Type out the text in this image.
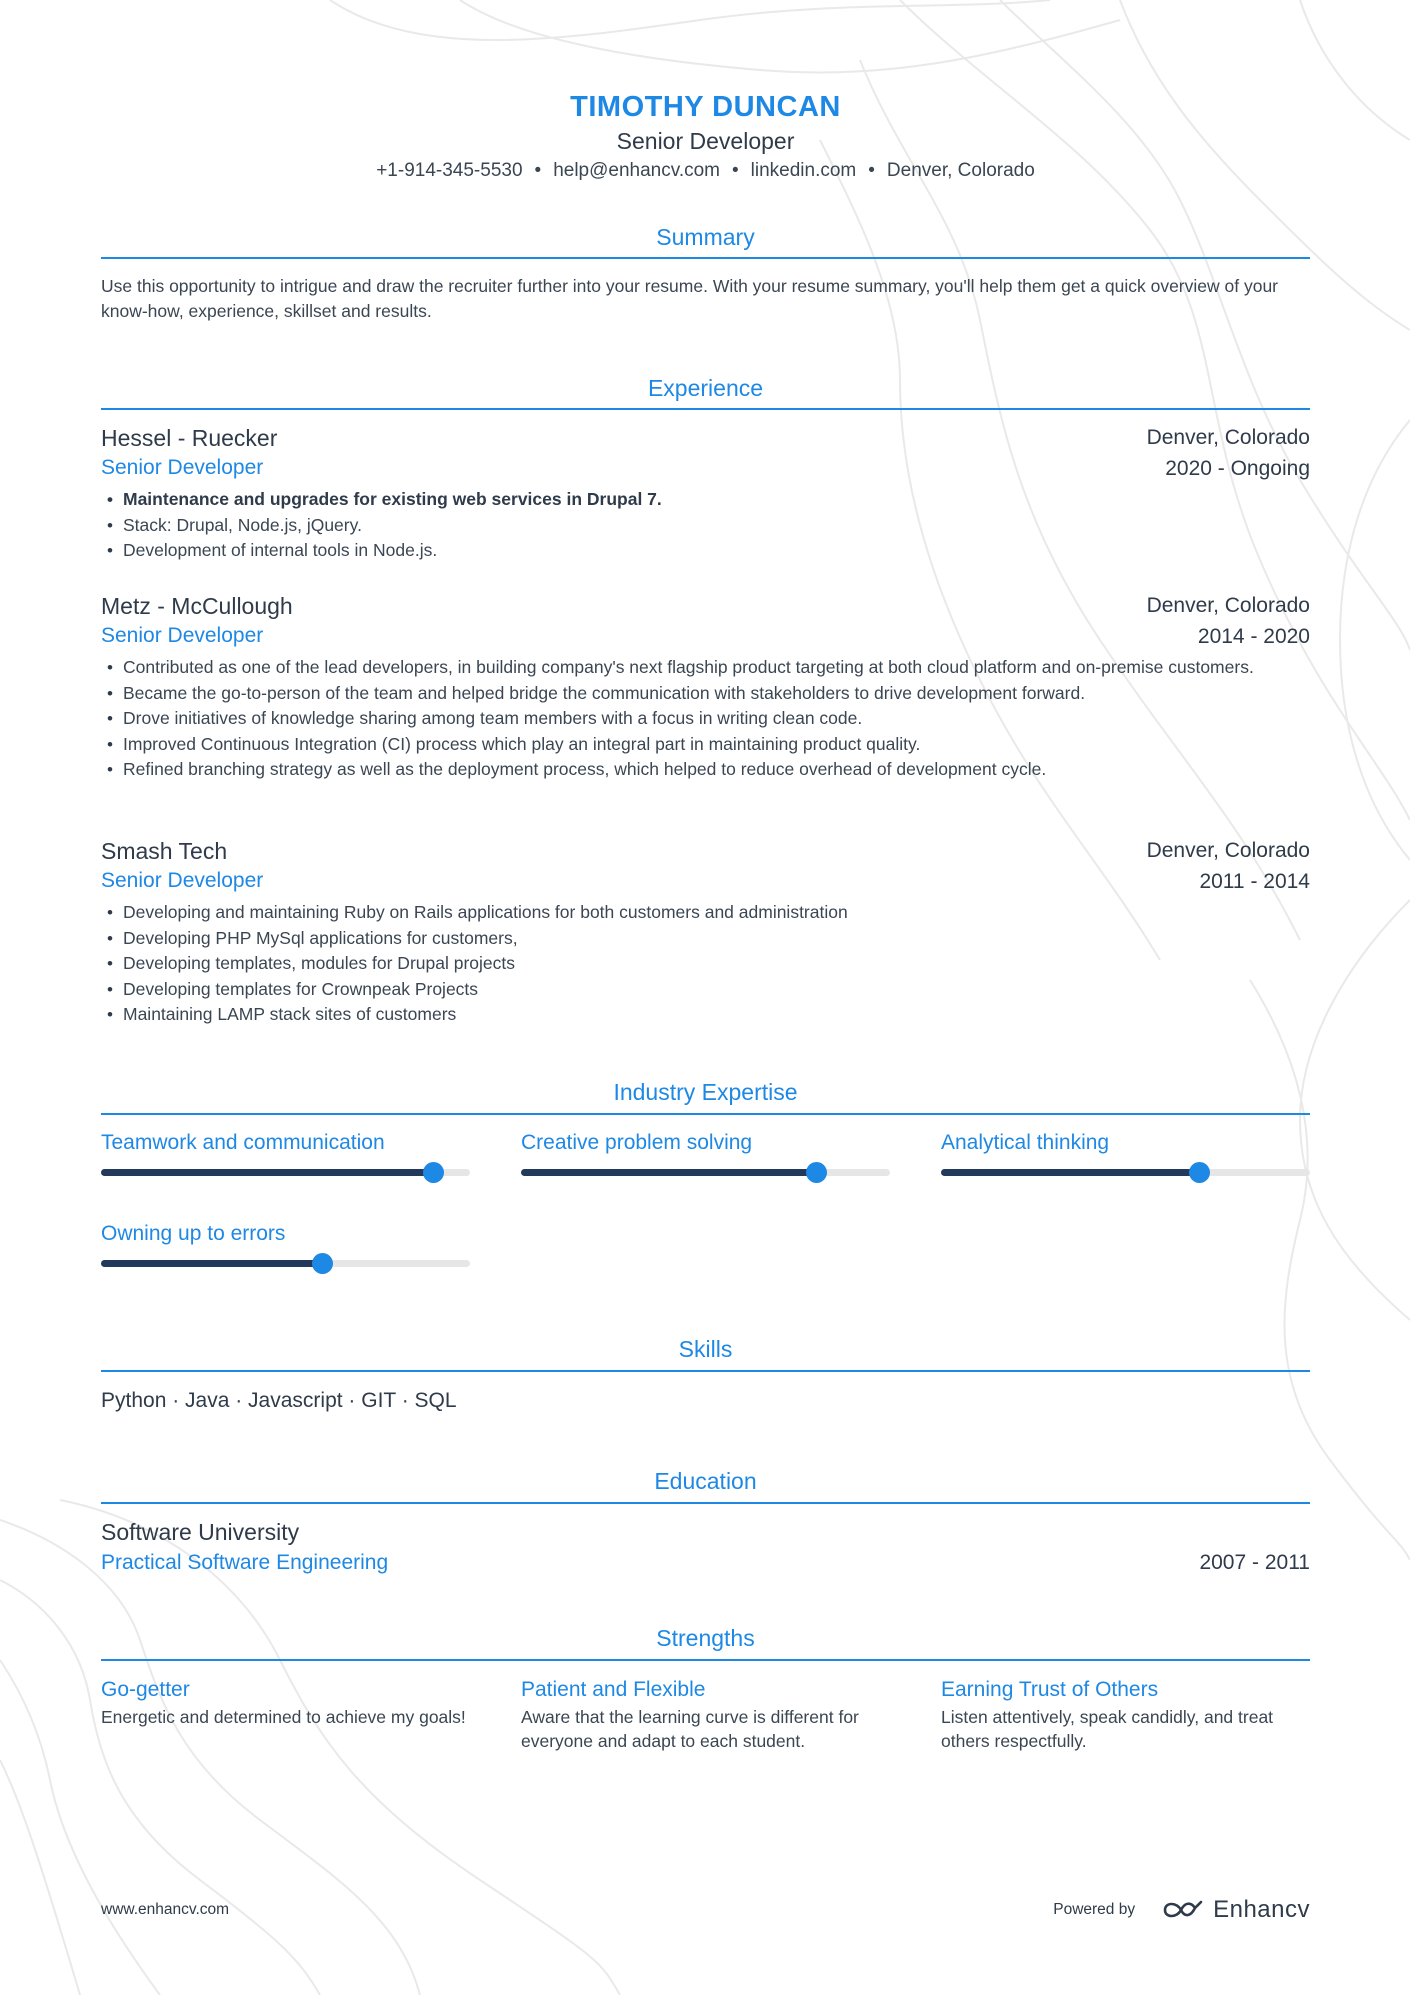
TIMOTHY DUNCAN
Senior Developer
+1-914-345-5530 • help@enhancv.com • linkedin.com • Denver, Colorado
Summary
Use this opportunity to intrigue and draw the recruiter further into your resume. With your resume summary, you'll help them get a quick overview of your know-how, experience, skillset and results.
Experience
Hessel - Ruecker
Senior Developer
Denver, Colorado
2020 - Ongoing
• Maintenance and upgrades for existing web services in Drupal 7.
• Stack: Drupal, Node.js, jQuery.
• Development of internal tools in Node.js.
Metz - McCullough
Senior Developer
Denver, Colorado
2014 - 2020
• Contributed as one of the lead developers, in building company's next flagship product targeting at both cloud platform and on-premise customers.
• Became the go-to-person of the team and helped bridge the communication with stakeholders to drive development forward.
• Drove initiatives of knowledge sharing among team members with a focus in writing clean code.
• Improved Continuous Integration (CI) process which play an integral part in maintaining product quality.
• Refined branching strategy as well as the deployment process, which helped to reduce overhead of development cycle.
Smash Tech
Senior Developer
Denver, Colorado
2011 - 2014
• Developing and maintaining Ruby on Rails applications for both customers and administration
• Developing PHP MySql applications for customers,
• Developing templates, modules for Drupal projects
• Developing templates for Crownpeak Projects
• Maintaining LAMP stack sites of customers
Industry Expertise
Teamwork and communication	Creative problem solving	Analytical thinking
Owning up to errors
Skills
Python · Java · Javascript · GIT · SQL
Education
Software University
Practical Software Engineering	2007 - 2011
Strengths
Go-getter
Energetic and determined to achieve my goals!
Patient and Flexible
Aware that the learning curve is different for everyone and adapt to each student.
Earning Trust of Others
Listen attentively, speak candidly, and treat others respectfully.
www.enhancv.com	Powered by	Enhancv
